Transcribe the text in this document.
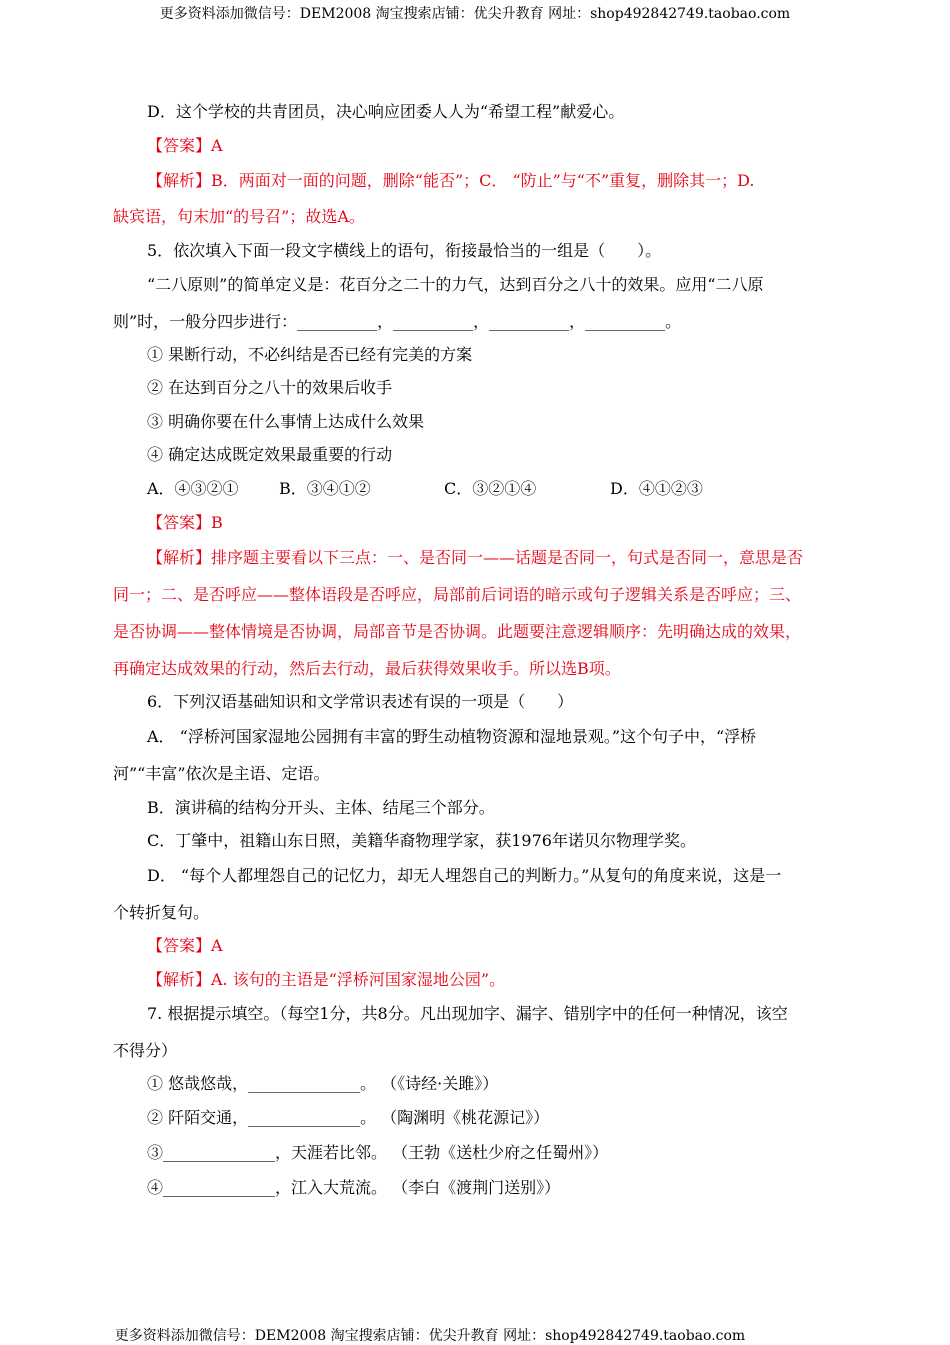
更多资料添加微信号：DEM2008 淘宝搜索店铺：优尖升教育 网址：shop492842749.taobao.com
D．这个学校的共青团员，决心响应团委人人为“希望工程”献爱心。
【答案】A
【解析】B．两面对一面的问题，删除“能否”；C． “防止”与“不”重复，删除其一；D.
缺宾语，句末加“的号召”；故选A。
5．依次填入下面一段文字横线上的语句，衔接最恰当的一组是（　　）。
“二八原则”的简单定义是：花百分之二十的力气，达到百分之八十的效果。应用“二八原
则”时，一般分四步进行：__________，__________，__________，__________。
① 果断行动，不必纠结是否已经有完美的方案
② 在达到百分之八十的效果后收手
③ 明确你要在什么事情上达成什么效果
④ 确定达成既定效果最重要的行动
A．④③②①	B．③④①②	C．③②①④	D．④①②③
【答案】B
【解析】排序题主要看以下三点：一、是否同一——话题是否同一，句式是否同一，意思是否
同一；二、是否呼应——整体语段是否呼应，局部前后词语的暗示或句子逻辑关系是否呼应；三、
是否协调——整体情境是否协调，局部音节是否协调。此题要注意逻辑顺序：先明确达成的效果，
再确定达成效果的行动，然后去行动，最后获得效果收手。所以选B项。
6．下列汉语基础知识和文学常识表述有误的一项是（　　）
A． “浮桥河国家湿地公园拥有丰富的野生动植物资源和湿地景观。”这个句子中，“浮桥
河”“丰富”依次是主语、定语。
B．演讲稿的结构分开头、主体、结尾三个部分。
C．丁肇中，祖籍山东日照，美籍华裔物理学家，获1976年诺贝尔物理学奖。
D． “每个人都埋怨自己的记忆力，却无人埋怨自己的判断力。”从复句的角度来说，这是一
个转折复句。
【答案】A
【解析】A. 该句的主语是“浮桥河国家湿地公园”。
7. 根据提示填空。（每空1分，共8分。凡出现加字、漏字、错别字中的任何一种情况，该空
不得分）
① 悠哉悠哉，______________。 （《诗经·关雎》）
② 阡陌交通，______________。 （陶渊明《桃花源记》）
③______________，天涯若比邻。 （王勃《送杜少府之任蜀州》）
④______________，江入大荒流。 （李白《渡荆门送别》）
更多资料添加微信号：DEM2008 淘宝搜索店铺：优尖升教育 网址：shop492842749.taobao.com
